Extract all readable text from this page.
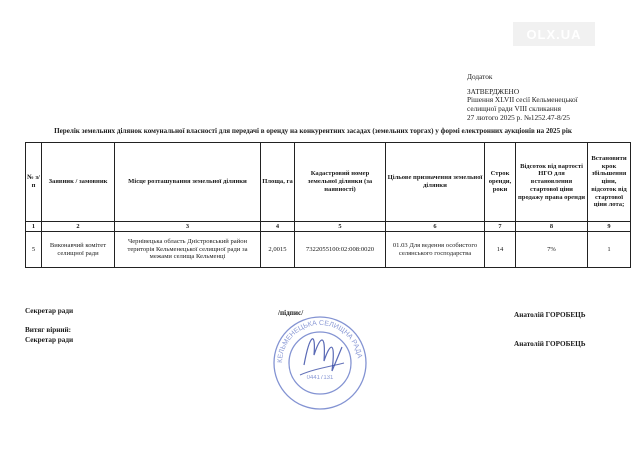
OLX.UA
Додаток
ЗАТВЕРДЖЕНО
Рішення XLVII сесії Кельменецької
селищної ради VIII скликання
27 лютого 2025 р. №1252.47-8/25
Перелік земельних ділянок комунальної власності для передачі в оренду на конкурентних засадах (земельних торгах) у формі електронних аукціонів на 2025 рік
№ з/п	Заявник / замовник	Місце розташування земельної ділянки	Площа, га	Кадастровий номер земельної ділянки (за наявності)	Цільове призначення земельної ділянки	Строк оренди, роки	Відсоток від вартості НГО для встановлення стартової ціни продажу права оренди	Встановити крок збільшення ціни, відсоток від стартової ціни лота;
1	2	3	4	5	6	7	8	9
5	Виконавчий комітет селищної ради	Чернівецька область Дністровський район територія Кельменецької селищної ради за межами селища Кельменці	2,0015	7322055100:02:008:0020	01.03 Для ведення особистого селянського господарства	14	7%	1
Секретар ради	/підпис/	Анатолій ГОРОБЕЦЬ
Витяг вірний:
Секретар ради	Анатолій ГОРОБЕЦЬ
КЕЛЬМЕНЕЦЬКА СЕЛИЩНА РАДА
04417131
